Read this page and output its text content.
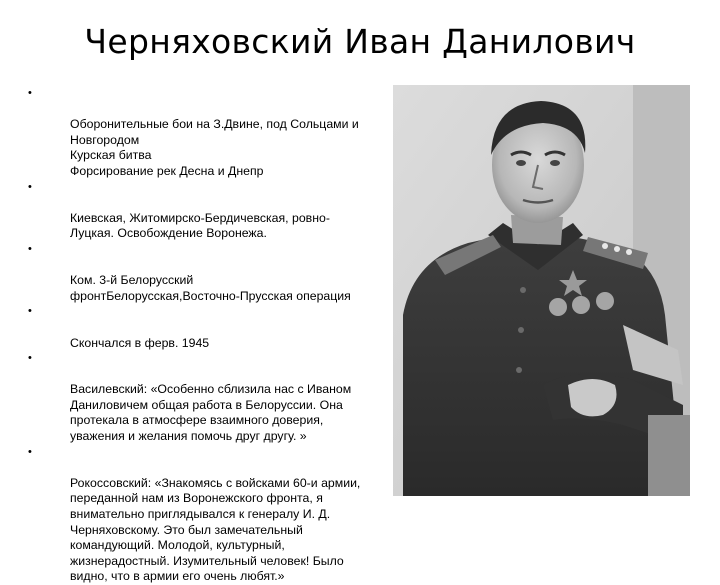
Черняховский Иван Данилович

•

Оборонительные бои на З.Двине, под Сольцами и Новгородом
Курская битва
Форсирование рек Десна и Днепр

•

Киевская, Житомирско-Бердичевская, ровно-Луцкая. Освобождение Воронежа.

•

Ком. 3-й Белорусский фронтБелорусская,Восточно-Прусская операция

•

Скончался в ферв. 1945

•

Василевский: «Особенно сблизила нас с Иваном Даниловичем общая работа в Белоруссии. Она протекала в атмосфере взаимного доверия, уважения и желания помочь друг другу. »

•

Рокоссовский: «Знакомясь с войсками 60-и армии, переданной нам из Воронежского фронта, я внимательно приглядывался к генералу И. Д. Черняховскому. Это был замечательный командующий. Молодой, культурный, жизнерадостный. Изумительный человек! Было видно, что в армии его очень любят.»
